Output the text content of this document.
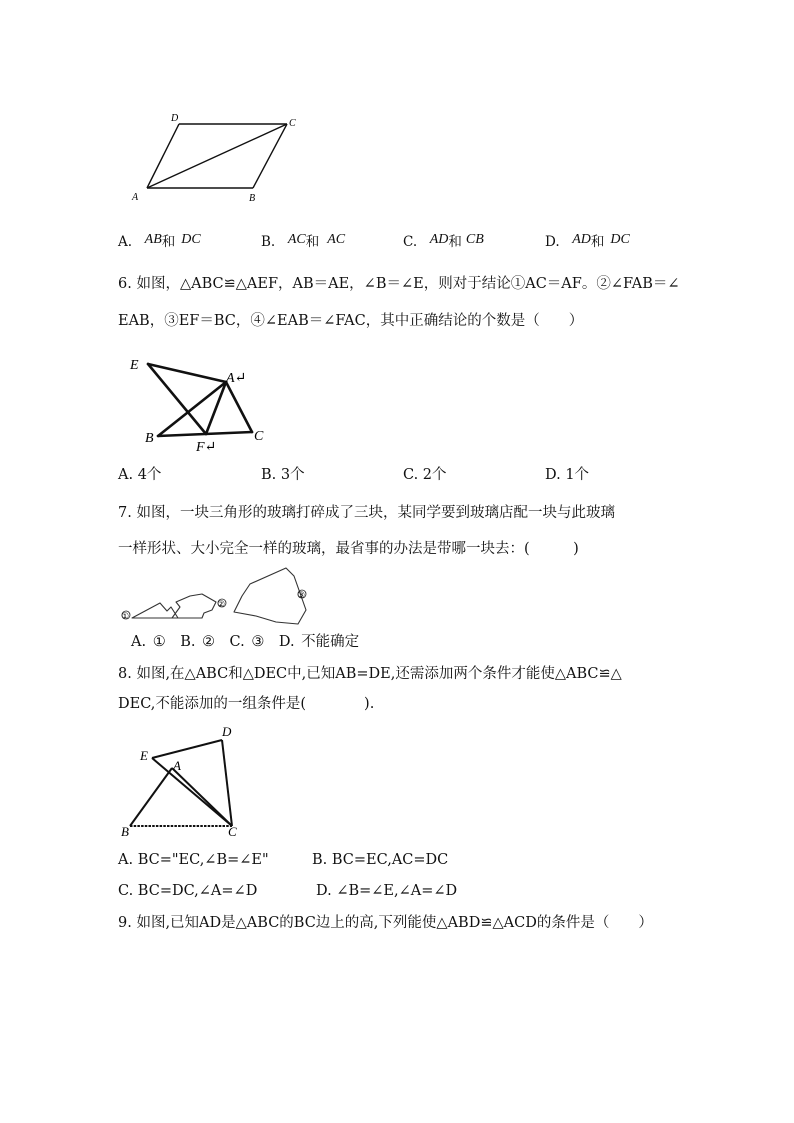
D	C
A	B
A. AB和 DC	B. AC和 AC	C. AD和 CB	D. AD和 DC
6. 如图，△ABC≌△AEF，AB＝AE，∠B＝∠E，则对于结论①AC＝AF。②∠FAB＝∠
EAB，③EF＝BC，④∠EAB＝∠FAC，其中正确结论的个数是（　　）
E
A↵
B
F↵
C
A. 4个	B. 3个	C. 2个	D. 1个
7. 如图，一块三角形的玻璃打碎成了三块，某同学要到玻璃店配一块与此玻璃
一样形状、大小完全一样的玻璃，最省事的办法是带哪一块去：(　　　)
①
②
③
A. ①　B. ②　C. ③　D. 不能确定
8. 如图,在△ABC和△DEC中,已知AB=DE,还需添加两个条件才能使△ABC≌△
DEC,不能添加的一组条件是(　　　　).
D
E
A
B	C
A. BC="EC,∠B=∠E"	B. BC=EC,AC=DC
C. BC=DC,∠A=∠D	D. ∠B=∠E,∠A=∠D
9. 如图,已知AD是△ABC的BC边上的高,下列能使△ABD≌△ACD的条件是（　　）
